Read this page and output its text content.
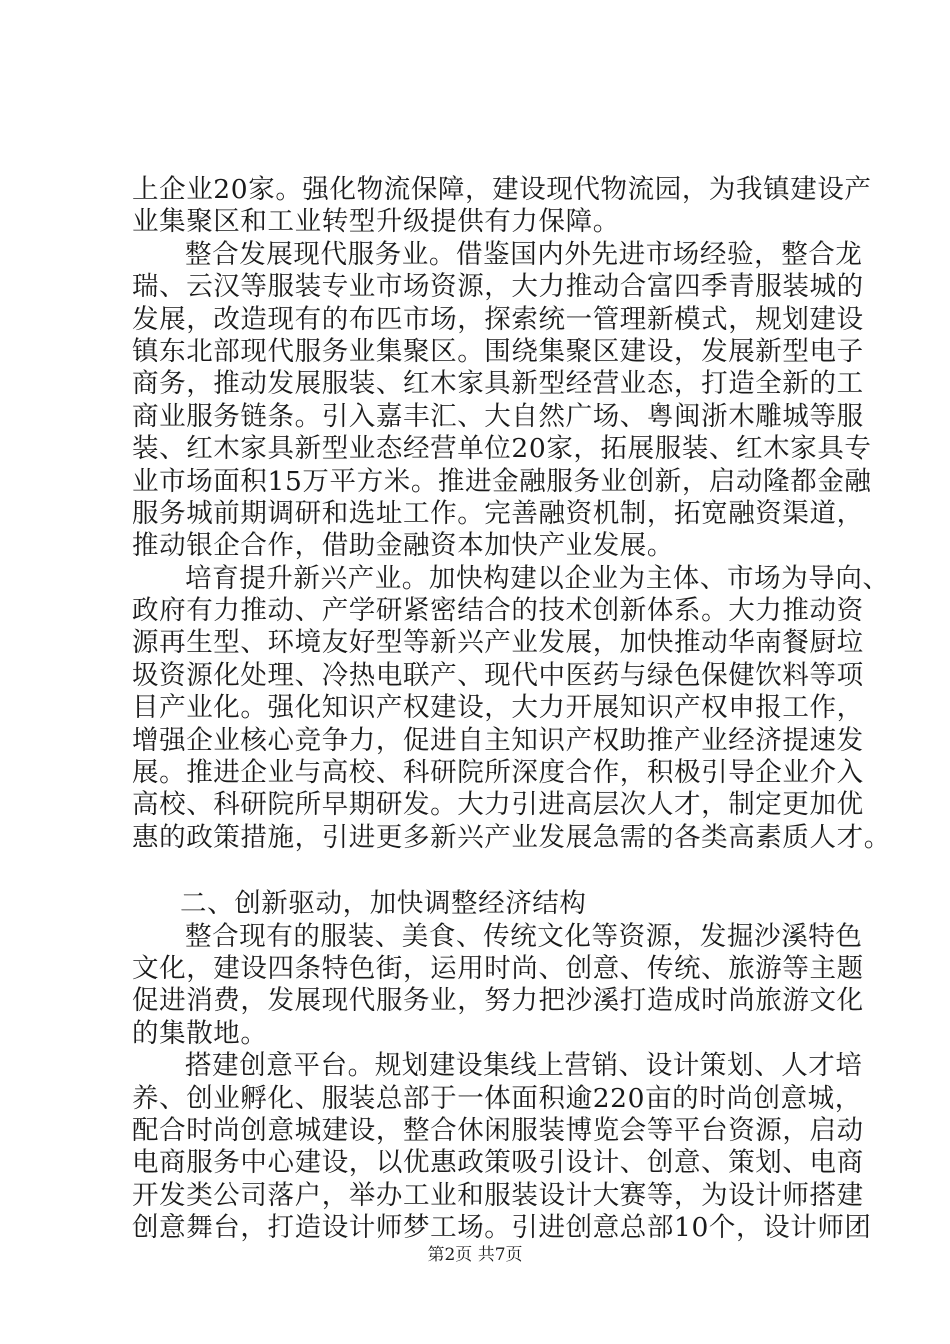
上企业20家。强化物流保障，建设现代物流园，为我镇建设产
业集聚区和工业转型升级提供有力保障。
整合发展现代服务业。借鉴国内外先进市场经验，整合龙
瑞、云汉等服装专业市场资源，大力推动合富四季青服装城的
发展，改造现有的布匹市场，探索统一管理新模式，规划建设
镇东北部现代服务业集聚区。围绕集聚区建设，发展新型电子
商务，推动发展服装、红木家具新型经营业态，打造全新的工
商业服务链条。引入嘉丰汇、大自然广场、粤闽浙木雕城等服
装、红木家具新型业态经营单位20家，拓展服装、红木家具专
业市场面积15万平方米。推进金融服务业创新，启动隆都金融
服务城前期调研和选址工作。完善融资机制，拓宽融资渠道，
推动银企合作，借助金融资本加快产业发展。
培育提升新兴产业。加快构建以企业为主体、市场为导向、
政府有力推动、产学研紧密结合的技术创新体系。大力推动资
源再生型、环境友好型等新兴产业发展，加快推动华南餐厨垃
圾资源化处理、冷热电联产、现代中医药与绿色保健饮料等项
目产业化。强化知识产权建设，大力开展知识产权申报工作，
增强企业核心竞争力，促进自主知识产权助推产业经济提速发
展。推进企业与高校、科研院所深度合作，积极引导企业介入
高校、科研院所早期研发。大力引进高层次人才，制定更加优
惠的政策措施，引进更多新兴产业发展急需的各类高素质人才。
二、创新驱动，加快调整经济结构
整合现有的服装、美食、传统文化等资源，发掘沙溪特色
文化，建设四条特色街，运用时尚、创意、传统、旅游等主题
促进消费，发展现代服务业，努力把沙溪打造成时尚旅游文化
的集散地。
搭建创意平台。规划建设集线上营销、设计策划、人才培
养、创业孵化、服装总部于一体面积逾220亩的时尚创意城，
配合时尚创意城建设，整合休闲服装博览会等平台资源，启动
电商服务中心建设，以优惠政策吸引设计、创意、策划、电商
开发类公司落户，举办工业和服装设计大赛等，为设计师搭建
创意舞台，打造设计师梦工场。引进创意总部10个，设计师团
第2页 共7页
